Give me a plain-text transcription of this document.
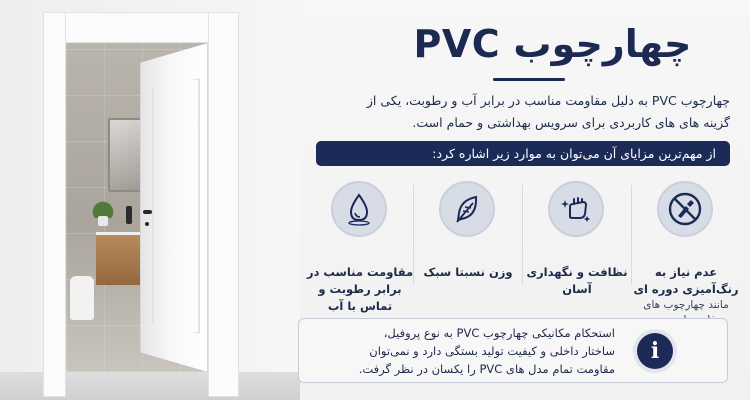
چهارچوب PVC
چهارچوب PVC به دلیل مقاومت مناسب در برابر آب و رطوبت، یکی از گزینه های های کاربردی برای سرویس بهداشتی و حمام است.
از مهم‌ترین مزایای آن می‌توان به موارد زیر اشاره کرد:

عدم نیاز به رنگ‌آمیزی دوره ای

مانند چهارچوب های

نظافت و نگهداری آسان

وزن نسبتا سبک

مقاومت مناسب در برابر رطوبت و تماس با آب

i
استحکام مکانیکی چهارچوب PVC به نوع پروفیل، ساختار داخلی و کیفیت تولید بستگی دارد و نمی‌توان مقاومت تمام مدل های PVC را یکسان در نظر گرفت.
